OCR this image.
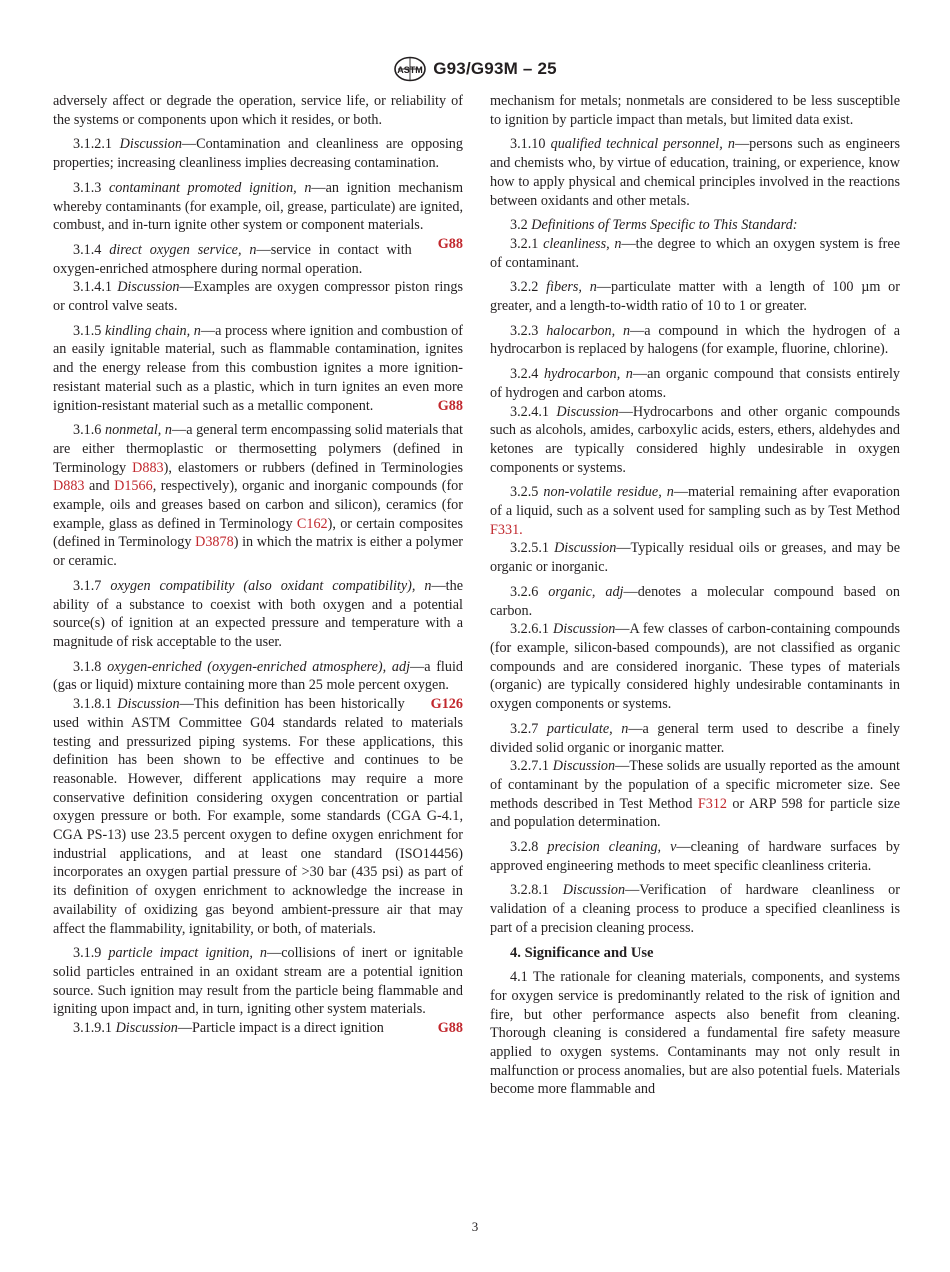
ASTM G93/G93M – 25

adversely affect or degrade the operation, service life, or reliability of the systems or components upon which it resides, or both.

3.1.2.1 Discussion—Contamination and cleanliness are opposing properties; increasing cleanliness implies decreasing contamination.

3.1.3 contaminant promoted ignition, n—an ignition mechanism whereby contaminants (for example, oil, grease, particulate) are ignited, combust, and in-turn ignite other system or component materials.
G88

3.1.4 direct oxygen service, n—service in contact with oxygen-enriched atmosphere during normal operation.

3.1.4.1 Discussion—Examples are oxygen compressor piston rings or control valve seats.

3.1.5 kindling chain, n—a process where ignition and combustion of an easily ignitable material, such as flammable contamination, ignites and the energy release from this combustion ignites a more ignition-resistant material such as a plastic, which in turn ignites an even more ignition-resistant material such as a metallic component.	G88

3.1.6 nonmetal, n—a general term encompassing solid materials that are either thermoplastic or thermosetting polymers (defined in Terminology D883), elastomers or rubbers (defined in Terminologies D883 and D1566, respectively), organic and inorganic compounds (for example, oils and greases based on carbon and silicon), ceramics (for example, glass as defined in Terminology C162), or certain composites (defined in Terminology D3878) in which the matrix is either a polymer or ceramic.

3.1.7 oxygen compatibility (also oxidant compatibility), n—the ability of a substance to coexist with both oxygen and a potential source(s) of ignition at an expected pressure and temperature with a magnitude of risk acceptable to the user.

3.1.8 oxygen-enriched (oxygen-enriched atmosphere), adj—a fluid (gas or liquid) mixture containing more than 25 mole percent oxygen.
G126

3.1.8.1 Discussion—This definition has been historically used within ASTM Committee G04 standards related to materials testing and pressurized piping systems. For these applications, this definition has been shown to be effective and continues to be reasonable. However, different applications may require a more conservative definition considering oxygen concentration or partial oxygen pressure or both. For example, some standards (CGA G-4.1, CGA PS-13) use 23.5 percent oxygen to define oxygen enrichment for industrial applications, and at least one standard (ISO14456) incorporates an oxygen partial pressure of >30 bar (435 psi) as part of its definition of oxygen enrichment to acknowledge the increase in availability of oxidizing gas beyond ambient-pressure air that may affect the flammability, ignitability, or both, of materials.

3.1.9 particle impact ignition, n—collisions of inert or ignitable solid particles entrained in an oxidant stream are a potential ignition source. Such ignition may result from the particle being flammable and igniting upon impact and, in turn, igniting other system materials.
G88

3.1.9.1 Discussion—Particle impact is a direct ignition

mechanism for metals; nonmetals are considered to be less susceptible to ignition by particle impact than metals, but limited data exist.

3.1.10 qualified technical personnel, n—persons such as engineers and chemists who, by virtue of education, training, or experience, know how to apply physical and chemical principles involved in the reactions between oxidants and other metals.

3.2 Definitions of Terms Specific to This Standard:

3.2.1 cleanliness, n—the degree to which an oxygen system is free of contaminant.

3.2.2 fibers, n—particulate matter with a length of 100 µm or greater, and a length-to-width ratio of 10 to 1 or greater.

3.2.3 halocarbon, n—a compound in which the hydrogen of a hydrocarbon is replaced by halogens (for example, fluorine, chlorine).

3.2.4 hydrocarbon, n—an organic compound that consists entirely of hydrogen and carbon atoms.

3.2.4.1 Discussion—Hydrocarbons and other organic compounds such as alcohols, amides, carboxylic acids, esters, ethers, aldehydes and ketones are typically considered highly undesirable in oxygen components or systems.

3.2.5 non-volatile residue, n—material remaining after evaporation of a liquid, such as a solvent used for sampling such as by Test Method F331.

3.2.5.1 Discussion—Typically residual oils or greases, and may be organic or inorganic.

3.2.6 organic, adj—denotes a molecular compound based on carbon.

3.2.6.1 Discussion—A few classes of carbon-containing compounds (for example, silicon-based compounds), are not classified as organic compounds and are considered inorganic. These types of materials (organic) are typically considered highly undesirable contaminants in oxygen components or systems.

3.2.7 particulate, n—a general term used to describe a finely divided solid organic or inorganic matter.

3.2.7.1 Discussion—These solids are usually reported as the amount of contaminant by the population of a specific micrometer size. See methods described in Test Method F312 or ARP 598 for particle size and population determination.

3.2.8 precision cleaning, v—cleaning of hardware surfaces by approved engineering methods to meet specific cleanliness criteria.

3.2.8.1 Discussion—Verification of hardware cleanliness or validation of a cleaning process to produce a specified cleanliness is part of a precision cleaning process.

4. Significance and Use

4.1 The rationale for cleaning materials, components, and systems for oxygen service is predominantly related to the risk of ignition and fire, but other performance aspects also benefit from cleaning. Thorough cleaning is considered a fundamental fire safety measure applied to oxygen systems. Contaminants may not only result in malfunction or process anomalies, but are also potential fuels. Materials become more flammable and

3
